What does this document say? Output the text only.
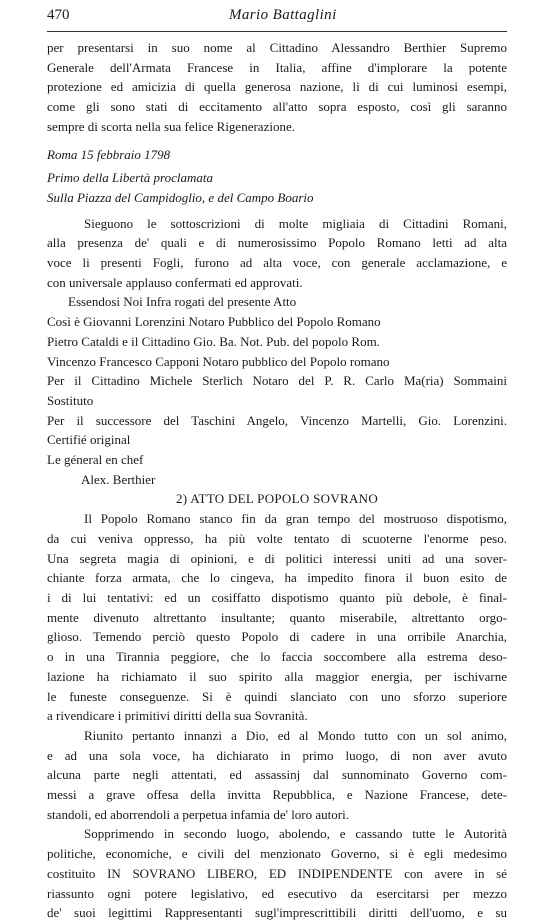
470	Mario Battaglini

per presentarsi in suo nome al Cittadino Alessandro Berthier Supremo

Generale dell'Armata Francese in Italia, affine d'implorare la potente

protezione ed amicizia di quella generosa nazione, li di cui luminosi esempi,

come gli sono stati di eccitamento all'atto sopra esposto, così gli saranno

sempre di scorta nella sua felice Rigenerazione.

Roma 15 febbraio 1798

Primo della Libertà proclamata

Sulla Piazza del Campidoglio, e del Campo Boario

Sieguono le sottoscrizioni di molte migliaia di Cittadini Romani,

alla presenza de' quali e di numerosissimo Popolo Romano letti ad alta

voce li presenti Fogli, furono ad alta voce, con generale acclamazione, e

con universale applauso confermati ed approvati.

Essendosi Noi Infra rogati del presente Atto

Così è Giovanni Lorenzini Notaro Pubblico del Popolo Romano

Pietro Cataldi e il Cittadino Gio. Ba. Not. Pub. del popolo Rom.

Vincenzo Francesco Capponi Notaro pubblico del Popolo romano

Per il Cittadino Michele Sterlich Notaro del P. R. Carlo Ma(ria) Sommaini

Sostituto

Per il successore del Taschini Angelo, Vincenzo Martelli, Gio. Lorenzini.

Certifié original

Le géneral en chef

Alex. Berthier

2) ATTO DEL POPOLO SOVRANO

Il Popolo Romano stanco fin da gran tempo del mostruoso dispotismo,

da cui veniva oppresso, ha più volte tentato di scuoterne l'enorme peso.

Una segreta magia di opinioni, e di politici interessi uniti ad una sover-

chiante forza armata, che lo cingeva, ha impedito finora il buon esito de

i di lui tentativi: ed un cosiffatto dispotismo quanto più debole, è final-

mente divenuto altrettanto insultante; quanto miserabile, altrettanto orgo-

glioso. Temendo perciò questo Popolo di cadere in una orribile Anarchia,

o in una Tirannia peggiore, che lo faccia soccombere alla estrema deso-

lazione ha richiamato il suo spirito alla maggior energia, per ischivarne

le funeste conseguenze. Si è quindi slanciato con uno sforzo superiore

a rivendicare i primitivi diritti della sua Sovranità.

Riunito pertanto innanzi a Dio, ed al Mondo tutto con un sol animo,

e ad una sola voce, ha dichiarato in primo luogo, di non aver avuto

alcuna parte negli attentati, ed assassinj dal sunnominato Governo com-

messi a grave offesa della invitta Repubblica, e Nazione Francese, dete-

standoli, ed aborrendoli a perpetua infamia de' loro autori.

Sopprimendo in secondo luogo, abolendo, e cassando tutte le Autorità

politiche, economiche, e civili del menzionato Governo, si è egli medesimo

costituito IN SOVRANO LIBERO, ED INDIPENDENTE con avere in sé

riassunto ogni potere legislativo, ed esecutivo da esercitarsi per mezzo

de' suoi legittimi Rappresentanti sugl'imprescrittibili diritti dell'uomo, e su
